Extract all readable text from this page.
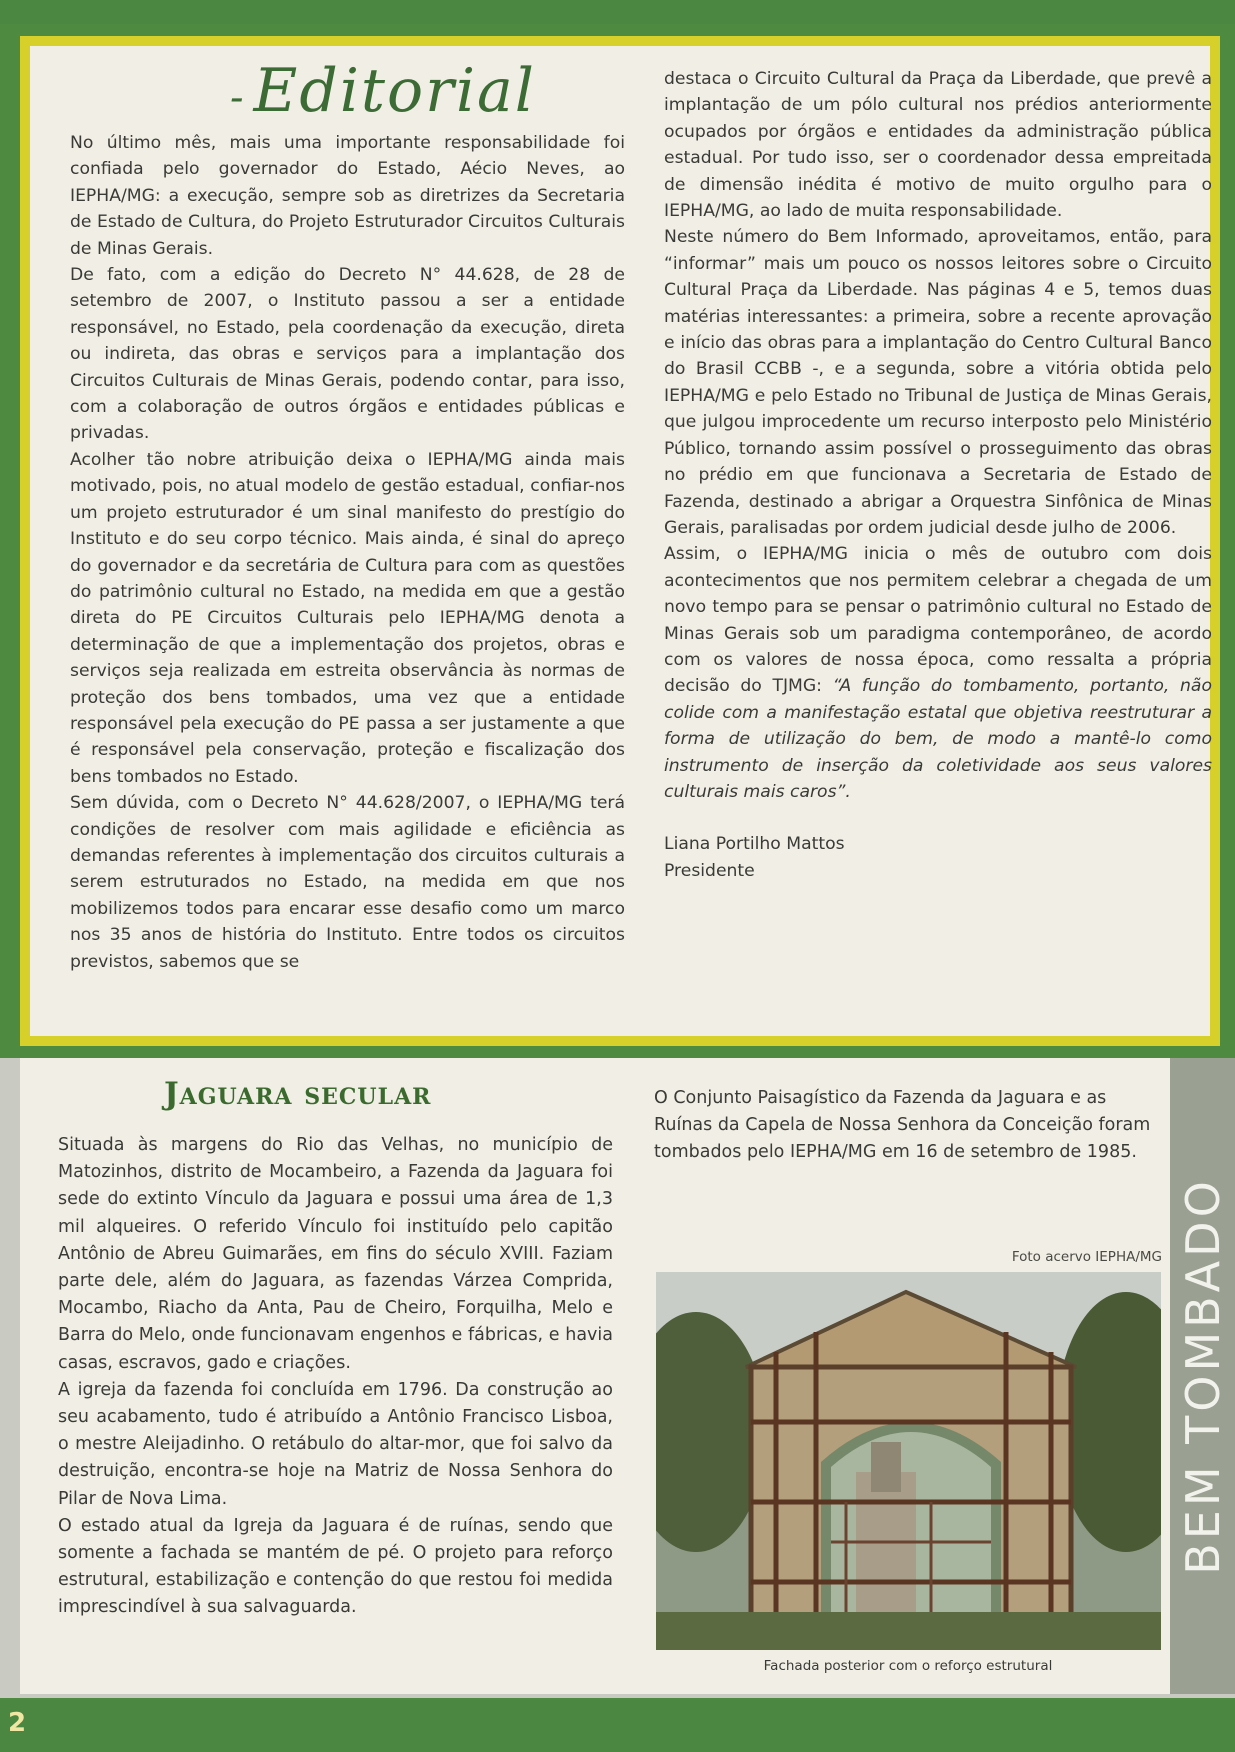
- Editorial

No último mês, mais uma importante responsabilidade foi confiada pelo governador do Estado, Aécio Neves, ao IEPHA/MG: a execução, sempre sob as diretrizes da Secretaria de Estado de Cultura, do Projeto Estruturador Circuitos Culturais de Minas Gerais.

De fato, com a edição do Decreto N° 44.628, de 28 de setembro de 2007, o Instituto passou a ser a entidade responsável, no Estado, pela coordenação da execução, direta ou indireta, das obras e serviços para a implantação dos Circuitos Culturais de Minas Gerais, podendo contar, para isso, com a colaboração de outros órgãos e entidades públicas e privadas.

Acolher tão nobre atribuição deixa o IEPHA/MG ainda mais motivado, pois, no atual modelo de gestão estadual, confiar-nos um projeto estruturador é um sinal manifesto do prestígio do Instituto e do seu corpo técnico. Mais ainda, é sinal do apreço do governador e da secretária de Cultura para com as questões do patrimônio cultural no Estado, na medida em que a gestão direta do PE Circuitos Culturais pelo IEPHA/MG denota a determinação de que a implementação dos projetos, obras e serviços seja realizada em estreita observância às normas de proteção dos bens tombados, uma vez que a entidade responsável pela execução do PE passa a ser justamente a que é responsável pela conservação, proteção e fiscalização dos bens tombados no Estado.

Sem dúvida, com o Decreto N° 44.628/2007, o IEPHA/MG terá condições de resolver com mais agilidade e eficiência as demandas referentes à implementação dos circuitos culturais a serem estruturados no Estado, na medida em que nos mobilizemos todos para encarar esse desafio como um marco nos 35 anos de história do Instituto. Entre todos os circuitos previstos, sabemos que se

destaca o Circuito Cultural da Praça da Liberdade, que prevê a implantação de um pólo cultural nos prédios anteriormente ocupados por órgãos e entidades da administração pública estadual. Por tudo isso, ser o coordenador dessa empreitada de dimensão inédita é motivo de muito orgulho para o IEPHA/MG, ao lado de muita responsabilidade.

Neste número do Bem Informado, aproveitamos, então, para “informar” mais um pouco os nossos leitores sobre o Circuito Cultural Praça da Liberdade. Nas páginas 4 e 5, temos duas matérias interessantes: a primeira, sobre a recente aprovação e início das obras para a implantação do Centro Cultural Banco do Brasil CCBB -, e a segunda, sobre a vitória obtida pelo IEPHA/MG e pelo Estado no Tribunal de Justiça de Minas Gerais, que julgou improcedente um recurso interposto pelo Ministério Público, tornando assim possível o prosseguimento das obras no prédio em que funcionava a Secretaria de Estado de Fazenda, destinado a abrigar a Orquestra Sinfônica de Minas Gerais, paralisadas por ordem judicial desde julho de 2006.

Assim, o IEPHA/MG inicia o mês de outubro com dois acontecimentos que nos permitem celebrar a chegada de um novo tempo para se pensar o patrimônio cultural no Estado de Minas Gerais sob um paradigma contemporâneo, de acordo com os valores de nossa época, como ressalta a própria decisão do TJMG: “A função do tombamento, portanto, não colide com a manifestação estatal que objetiva reestruturar a forma de utilização do bem, de modo a mantê-lo como instrumento de inserção da coletividade aos seus valores culturais mais caros”.

Liana Portilho Mattos
Presidente

BEM TOMBADO
Jaguara secular

Situada às margens do Rio das Velhas, no município de Matozinhos, distrito de Mocambeiro, a Fazenda da Jaguara foi sede do extinto Vínculo da Jaguara e possui uma área de 1,3 mil alqueires. O referido Vínculo foi instituído pelo capitão Antônio de Abreu Guimarães, em fins do século XVIII. Faziam parte dele, além do Jaguara, as fazendas Várzea Comprida, Mocambo, Riacho da Anta, Pau de Cheiro, Forquilha, Melo e Barra do Melo, onde funcionavam engenhos e fábricas, e havia casas, escravos, gado e criações.

A igreja da fazenda foi concluída em 1796. Da construção ao seu acabamento, tudo é atribuído a Antônio Francisco Lisboa, o mestre Aleijadinho. O retábulo do altar-mor, que foi salvo da destruição, encontra-se hoje na Matriz de Nossa Senhora do Pilar de Nova Lima.

O estado atual da Igreja da Jaguara é de ruínas, sendo que somente a fachada se mantém de pé. O projeto para reforço estrutural, estabilização e contenção do que restou foi medida imprescindível à sua salvaguarda.

O Conjunto Paisagístico da Fazenda da Jaguara e as Ruínas da Capela de Nossa Senhora da Conceição foram tombados pelo IEPHA/MG em 16 de setembro de 1985.

Foto acervo IEPHA/MG
Fachada posterior com o reforço estrutural
2
